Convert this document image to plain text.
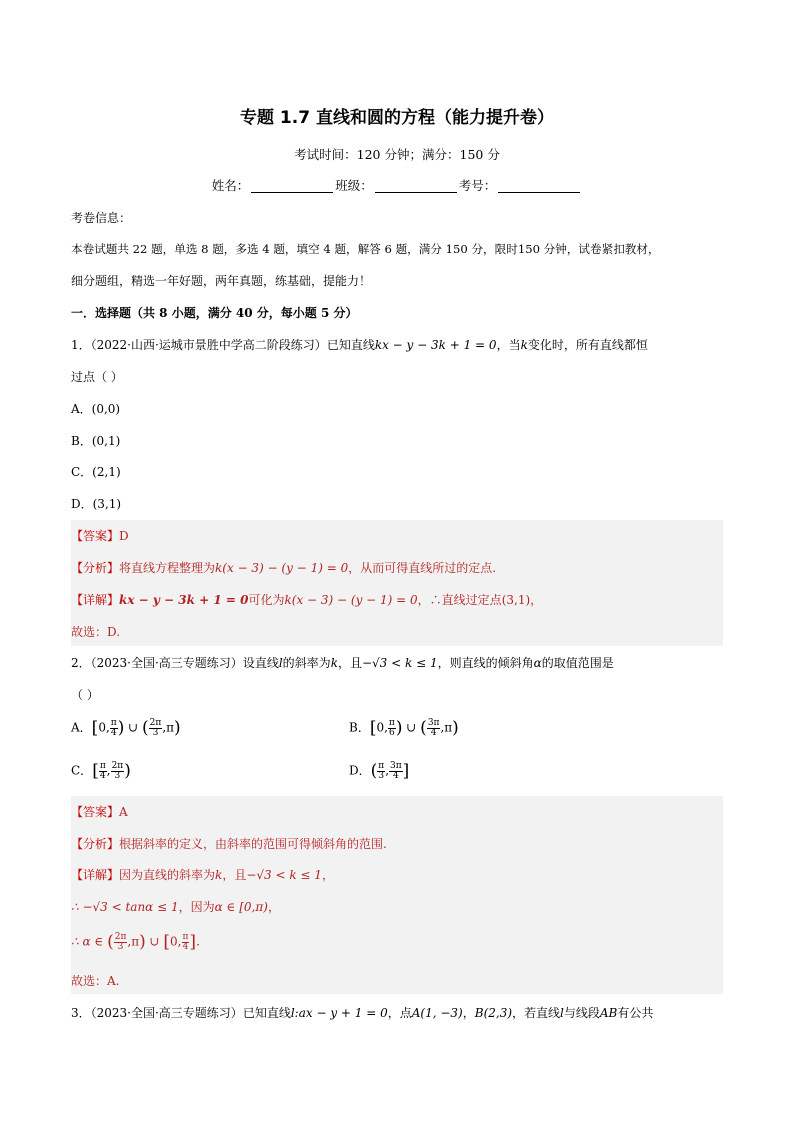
专题 1.7 直线和圆的方程（能力提升卷）
考试时间：120 分钟；满分：150 分
姓名：	班级：	考号：
考卷信息：
本卷试题共 22 题，单选 8 题，多选 4 题，填空 4 题，解答 6 题，满分 150 分，限时150 分钟，试卷紧扣教材，
细分题组，精选一年好题，两年真题，练基础，提能力！
一．选择题（共 8 小题，满分 40 分，每小题 5 分）
1．（2022·山西·运城市景胜中学高二阶段练习）已知直线kx − y − 3k + 1 = 0，当k变化时，所有直线都恒
过点（ ）
A．(0,0)
B．(0,1)
C．(2,1)
D．(3,1)
【答案】D
【分析】将直线方程整理为k(x − 3) − (y − 1) = 0，从而可得直线所过的定点.
【详解】kx − y − 3k + 1 = 0可化为k(x − 3) − (y − 1) = 0，∴直线过定点(3,1)，
故选：D.
2．（2023·全国·高三专题练习）设直线l的斜率为k，且−√3 < k ≤ 1，则直线的倾斜角α的取值范围是
（ ）
A．[0, $\frac{\pi}{4}$ ) ∪ ( $\frac{2\pi}{3} ,\pi$)	B．[0, $\frac{\pi}{6}$ ) ∪ ( $\frac{3\pi}{4} ,\pi$)
C．[ $\frac{\pi}{4}$ , $\frac{2\pi}{3}$ )	D．( $\frac{\pi}{3}$ , $\frac{3\pi}{4}$ ]
【答案】A
【分析】根据斜率的定义，由斜率的范围可得倾斜角的范围.
【详解】因为直线的斜率为k，且−√3 < k ≤ 1，
∴ −√3 < tanα ≤ 1，因为α ∈ [0,π)，
∴ α ∈ ( $\frac{2\pi}{3} ,\pi$) ∪ [0, $\frac{\pi}{4}$ ].
故选：A.
3．（2023·全国·高三专题练习）已知直线l:ax − y + 1 = 0，点A(1, −3)，B(2,3)，若直线l与线段AB有公共
